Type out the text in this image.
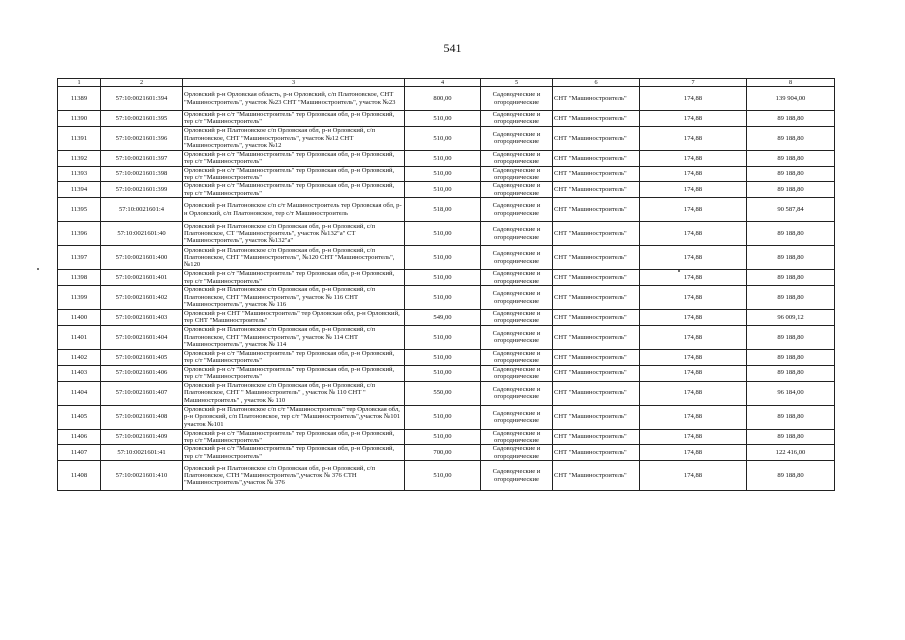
541
1	2	3	4	5	6	7	8
11389	57:10:0021601:394	Орловский р-н Орловская область, р-н Орловский, с/п Платоновское, СНТ "Машиностроитель", участок №23 СНТ "Машиностроитель", участок №23	800,00	Садоводческие и огороднические	СНТ "Машиностроитель"	174,88	139 904,00
11390	57:10:0021601:395	Орловский р-н с/т "Машиностроитель" тер Орловская обл, р-н Орловский, тер с/т "Машиностроитель"	510,00	Садоводческие и огороднические	СНТ "Машиностроитель"	174,88	89 188,80
11391	57:10:0021601:396	Орловский р-н Платоновское с/п Орловская обл, р-н Орловский, с/п Платоновское, СНТ "Машиностроитель", участок №12 СНТ "Машиностроитель", участок №12	510,00	Садоводческие и огороднические	СНТ "Машиностроитель"	174,88	89 188,80
11392	57:10:0021601:397	Орловский р-н с/т "Машиностроитель" тер Орловская обл, р-н Орловский, тер с/т "Машиностроитель"	510,00	Садоводческие и огороднические	СНТ "Машиностроитель"	174,88	89 188,80
11393	57:10:0021601:398	Орловский р-н с/т "Машиностроитель" тер Орловская обл, р-н Орловский, тер с/т "Машиностроитель"	510,00	Садоводческие и огороднические	СНТ "Машиностроитель"	174,88	89 188,80
11394	57:10:0021601:399	Орловский р-н с/т "Машиностроитель" тер Орловская обл, р-н Орловский, тер с/т "Машиностроитель"	510,00	Садоводческие и огороднические	СНТ "Машиностроитель"	174,88	89 188,80
11395	57:10:0021601:4	Орловский р-н Платоновское с/п с/т Машиностроитель тер Орловская обл, р-н Орловский, с/п Платоновское, тер с/т Машиностроитель	518,00	Садоводческие и огороднические	СНТ "Машиностроитель"	174,88	90 587,84
11396	57:10:0021601:40	Орловский р-н Платоновское с/п Орловская обл, р-н Орловский, с/п Платоновское, СТ "Машиностроитель", участок №132"а" СТ "Машиностроитель", участок №132"а"	510,00	Садоводческие и огороднические	СНТ "Машиностроитель"	174,88	89 188,80
11397	57:10:0021601:400	Орловский р-н Платоновское с/п Орловская обл, р-н Орловский, с/п Платоновское, СНТ "Машиностроитель", №120 СНТ "Машиностроитель", №120	510,00	Садоводческие и огороднические	СНТ "Машиностроитель"	174,88	89 188,80
11398	57:10:0021601:401	Орловский р-н с/т "Машиностроитель" тер Орловская обл, р-н Орловский, тер с/т "Машиностроитель"	510,00	Садоводческие и огороднические	СНТ "Машиностроитель"	174,88	89 188,80
11399	57:10:0021601:402	Орловский р-н Платоновское с/п Орловская обл, р-н Орловский, с/п Платоновское, СНТ "Машиностроитель", участок № 116 СНТ "Машиностроитель", участок № 116	510,00	Садоводческие и огороднические	СНТ "Машиностроитель"	174,88	89 188,80
11400	57:10:0021601:403	Орловский р-н СНТ "Машиностроитель" тер Орловская обл, р-н Орловский, тер СНТ "Машиностроитель"	549,00	Садоводческие и огороднические	СНТ "Машиностроитель"	174,88	96 009,12
11401	57:10:0021601:404	Орловский р-н Платоновское с/п Орловская обл, р-н Орловский, с/п Платоновское, СНТ "Машиностроитель", участок № 114 СНТ "Машиностроитель", участок № 114	510,00	Садоводческие и огороднические	СНТ "Машиностроитель"	174,88	89 188,80
11402	57:10:0021601:405	Орловский р-н с/т "Машиностроитель" тер Орловская обл, р-н Орловский, тер с/т "Машиностроитель"	510,00	Садоводческие и огороднические	СНТ "Машиностроитель"	174,88	89 188,80
11403	57:10:0021601:406	Орловский р-н с/т "Машиностроитель" тер Орловская обл, р-н Орловский, тер с/т "Машиностроитель"	510,00	Садоводческие и огороднические	СНТ "Машиностроитель"	174,88	89 188,80
11404	57:10:0021601:407	Орловский р-н Платоновское с/п Орловская обл, р-н Орловский, с/п Платоновское, СНТ " Машиностроитель" , участок № 110 СНТ " Машиностроитель" , участок № 110	550,00	Садоводческие и огороднические	СНТ "Машиностроитель"	174,88	96 184,00
11405	57:10:0021601:408	Орловский р-н Платоновское с/п с/т "Машиностроитель" тер Орловская обл, р-н Орловский, с/п Платоновское, тер с/т "Машиностроитель",участок №101 участок №101	510,00	Садоводческие и огороднические	СНТ "Машиностроитель"	174,88	89 188,80
11406	57:10:0021601:409	Орловский р-н с/т "Машиностроитель" тер Орловская обл, р-н Орловский, тер с/т "Машиностроитель"	510,00	Садоводческие и огороднические	СНТ "Машиностроитель"	174,88	89 188,80
11407	57:10:0021601:41	Орловский р-н с/т "Машиностроитель" тер Орловская обл, р-н Орловский, тер с/т "Машиностроитель"	700,00	Садоводческие и огороднические	СНТ "Машиностроитель"	174,88	122 416,00
11408	57:10:0021601:410	Орловский р-н Платоновское с/п Орловская обл, р-н Орловский, с/п Платоновское, СТН "Машиностроитель",участок № 376 СТН "Машиностроитель",участок № 376	510,00	Садоводческие и огороднические	СНТ "Машиностроитель"	174,88	89 188,80
